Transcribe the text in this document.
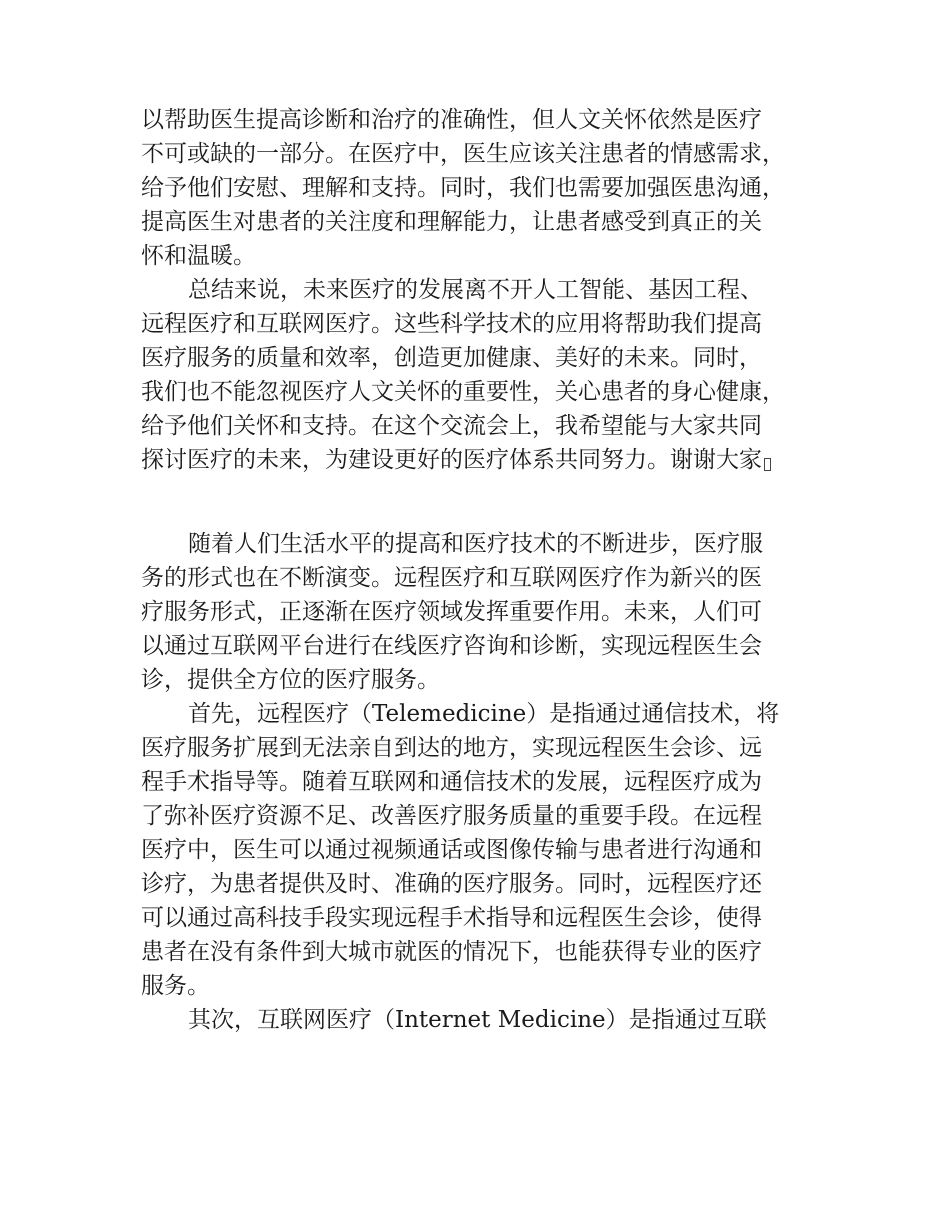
以帮助医生提高诊断和治疗的准确性，但人文关怀依然是医疗
不可或缺的一部分。在医疗中，医生应该关注患者的情感需求，
给予他们安慰、理解和支持。同时，我们也需要加强医患沟通，
提高医生对患者的关注度和理解能力，让患者感受到真正的关
怀和温暖。
总结来说，未来医疗的发展离不开人工智能、基因工程、
远程医疗和互联网医疗。这些科学技术的应用将帮助我们提高
医疗服务的质量和效率，创造更加健康、美好的未来。同时，
我们也不能忽视医疗人文关怀的重要性，关心患者的身心健康，
给予他们关怀和支持。在这个交流会上，我希望能与大家共同
探讨医疗的未来，为建设更好的医疗体系共同努力。谢谢大家
随着人们生活水平的提高和医疗技术的不断进步，医疗服
务的形式也在不断演变。远程医疗和互联网医疗作为新兴的医
疗服务形式，正逐渐在医疗领域发挥重要作用。未来，人们可
以通过互联网平台进行在线医疗咨询和诊断，实现远程医生会
诊，提供全方位的医疗服务。
首先，远程医疗（Telemedicine）是指通过通信技术，将
医疗服务扩展到无法亲自到达的地方，实现远程医生会诊、远
程手术指导等。随着互联网和通信技术的发展，远程医疗成为
了弥补医疗资源不足、改善医疗服务质量的重要手段。在远程
医疗中，医生可以通过视频通话或图像传输与患者进行沟通和
诊疗，为患者提供及时、准确的医疗服务。同时，远程医疗还
可以通过高科技手段实现远程手术指导和远程医生会诊，使得
患者在没有条件到大城市就医的情况下，也能获得专业的医疗
服务。
其次，互联网医疗（Internet Medicine）是指通过互联
